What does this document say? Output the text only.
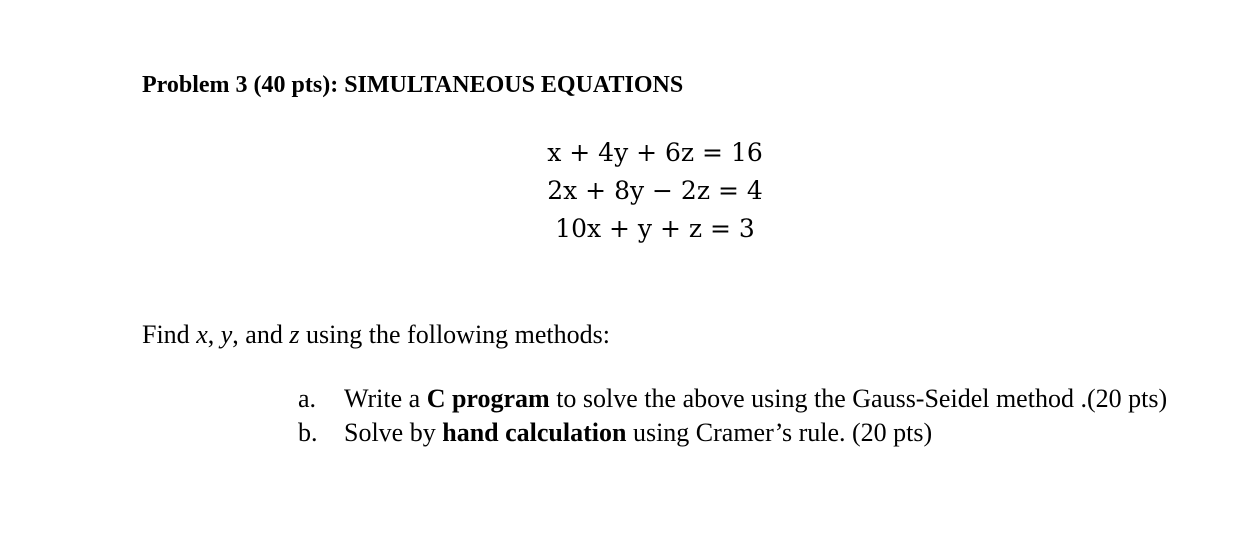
Problem 3 (40 pts): SIMULTANEOUS EQUATIONS
x + 4y + 6z = 16
2x + 8y − 2z = 4
10x + y + z = 3
Find x, y, and z using the following methods:
a.	Write a C program to solve the above using the Gauss-Seidel method .(20 pts)
b.	Solve by hand calculation using Cramer’s rule. (20 pts)
